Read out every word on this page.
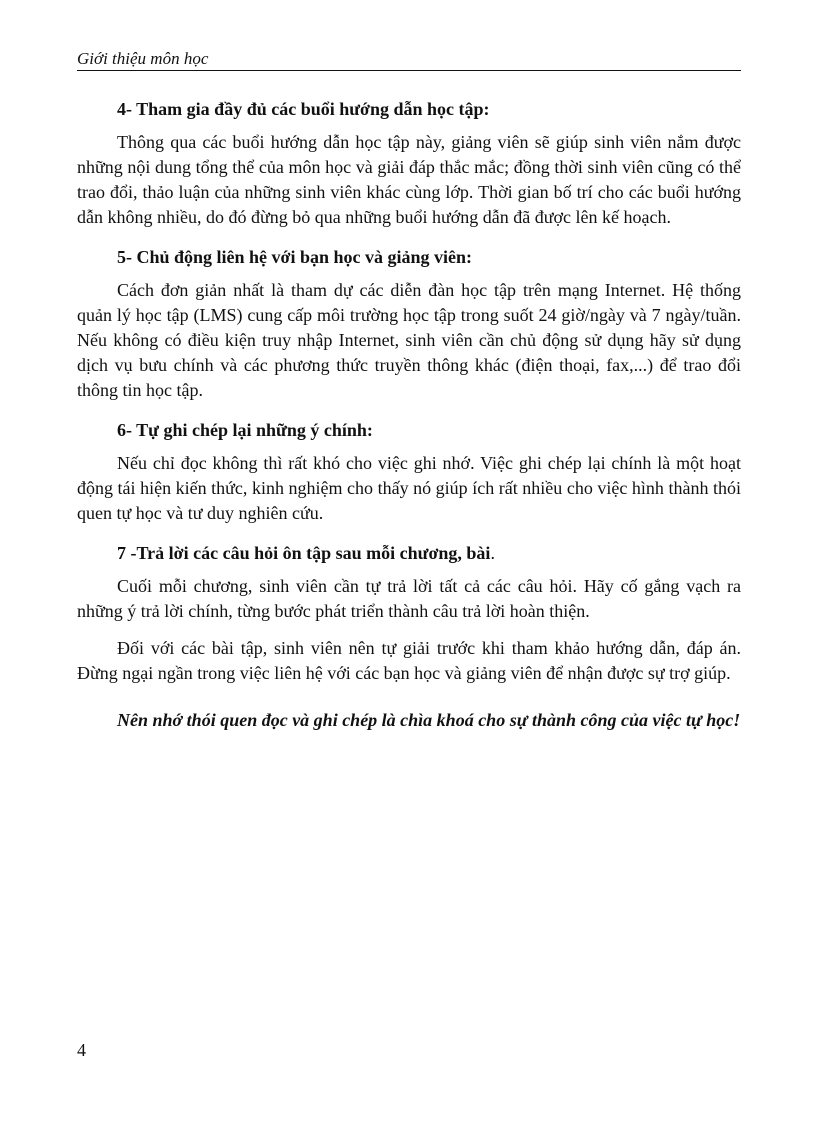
Giới thiệu môn học
4- Tham gia đầy đủ các buổi hướng dẫn học tập:

Thông qua các buổi hướng dẫn học tập này, giảng viên sẽ giúp sinh viên nắm được những nội dung tổng thể của môn học và giải đáp thắc mắc; đồng thời sinh viên cũng có thể trao đổi, thảo luận của những sinh viên khác cùng lớp. Thời gian bố trí cho các buổi hướng dẫn không nhiều, do đó đừng bỏ qua những buổi hướng dẫn đã được lên kế hoạch.

5- Chủ động liên hệ với bạn học và giảng viên:

Cách đơn giản nhất là tham dự các diễn đàn học tập trên mạng Internet. Hệ thống quản lý học tập (LMS) cung cấp môi trường học tập trong suốt 24 giờ/ngày và 7 ngày/tuần. Nếu không có điều kiện truy nhập Internet, sinh viên cần chủ động sử dụng hãy sử dụng dịch vụ bưu chính và các phương thức truyền thông khác (điện thoại, fax,...) để trao đổi thông tin học tập.

6- Tự ghi chép lại những ý chính:

Nếu chỉ đọc không thì rất khó cho việc ghi nhớ. Việc ghi chép lại chính là một hoạt động tái hiện kiến thức, kinh nghiệm cho thấy nó giúp ích rất nhiều cho việc hình thành thói quen tự học và tư duy nghiên cứu.

7 -Trả lời các câu hỏi ôn tập sau mỗi chương, bài.

Cuối mỗi chương, sinh viên cần tự trả lời tất cả các câu hỏi. Hãy cố gắng vạch ra những ý trả lời chính, từng bước phát triển thành câu trả lời hoàn thiện.

Đối với các bài tập, sinh viên nên tự giải trước khi tham khảo hướng dẫn, đáp án. Đừng ngại ngần trong việc liên hệ với các bạn học và giảng viên để nhận được sự trợ giúp.

Nên nhớ thói quen đọc và ghi chép là chìa khoá cho sự thành công của việc tự học!

4
